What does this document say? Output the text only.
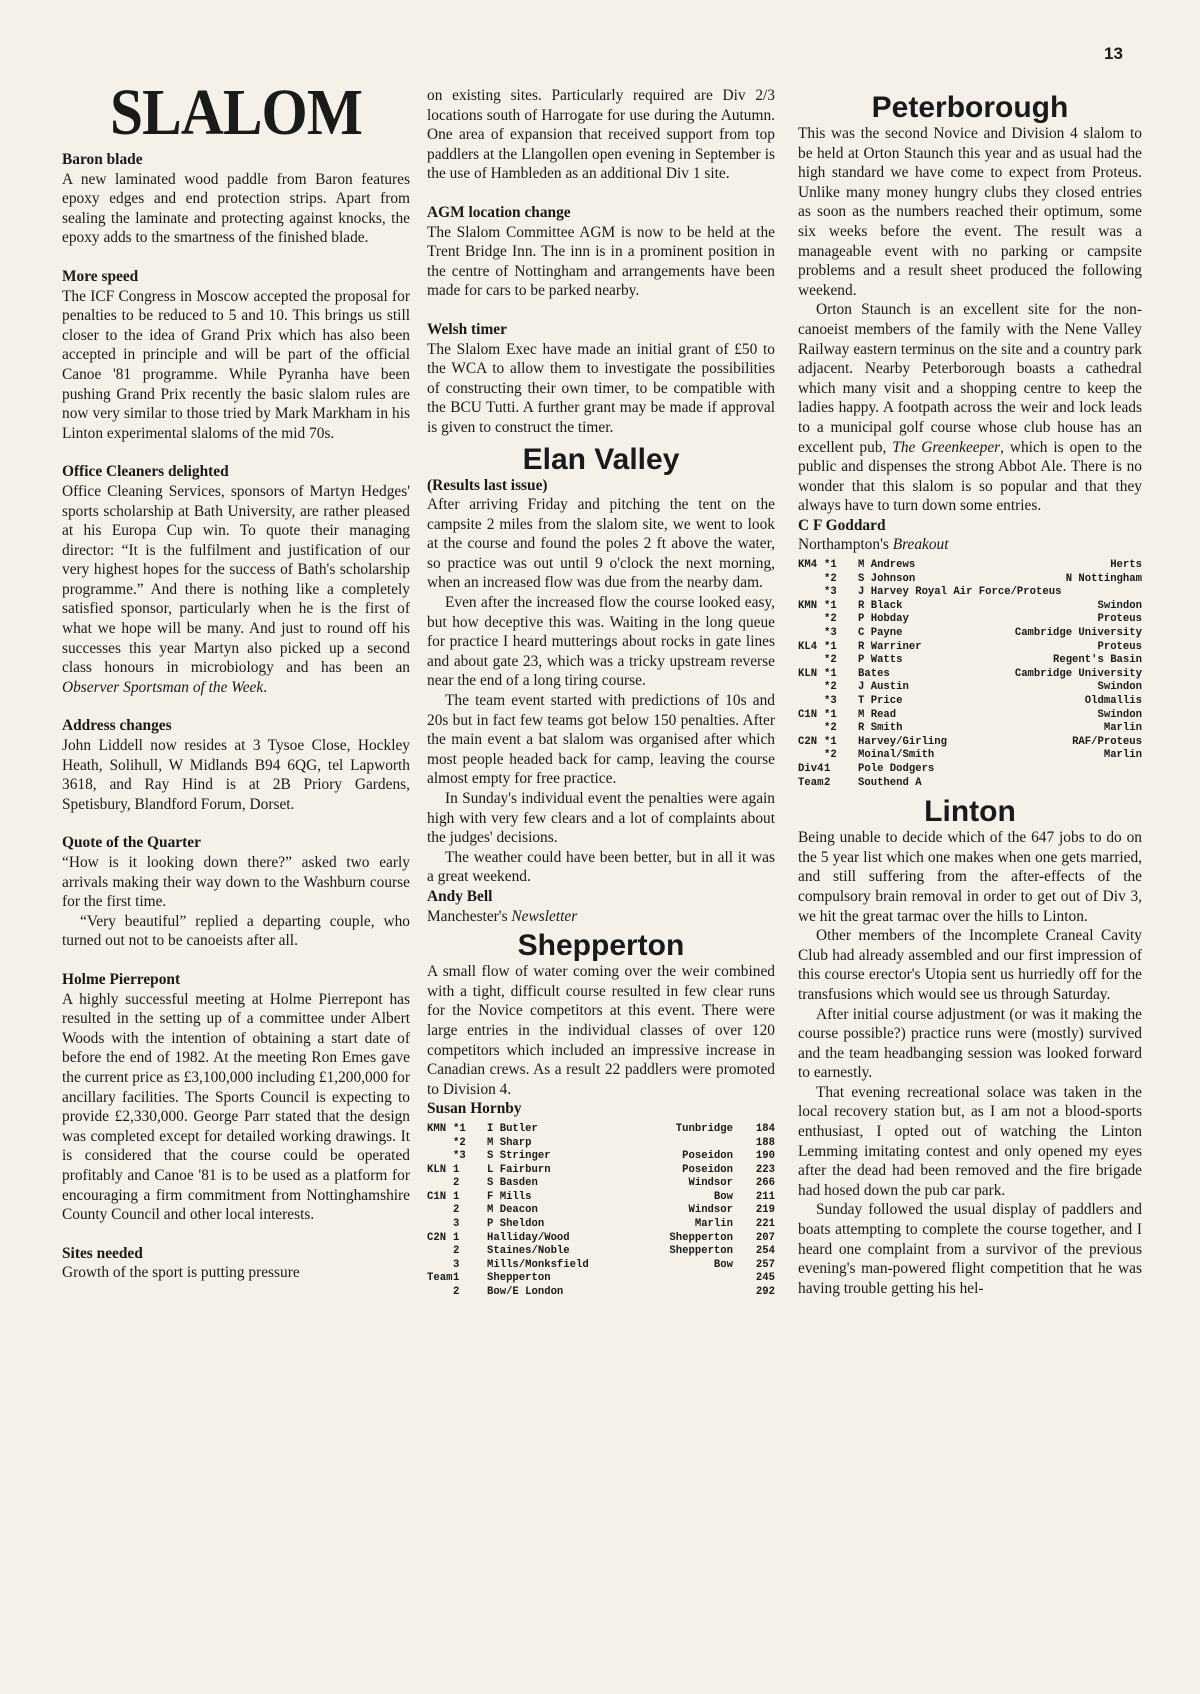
13
SLALOM

Baron blade

A new laminated wood paddle from Baron features epoxy edges and end protection strips. Apart from sealing the laminate and protecting against knocks, the epoxy adds to the smartness of the finished blade.

More speed

The ICF Congress in Moscow accepted the proposal for penalties to be reduced to 5 and 10. This brings us still closer to the idea of Grand Prix which has also been accepted in principle and will be part of the official Canoe '81 programme. While Pyranha have been pushing Grand Prix recently the basic slalom rules are now very similar to those tried by Mark Markham in his Linton experimental slaloms of the mid 70s.

Office Cleaners delighted

Office Cleaning Services, sponsors of Martyn Hedges' sports scholarship at Bath University, are rather pleased at his Europa Cup win. To quote their managing director: “It is the fulfilment and justification of our very highest hopes for the success of Bath's scholarship programme.” And there is nothing like a completely satisfied sponsor, particularly when he is the first of what we hope will be many. And just to round off his successes this year Martyn also picked up a second class honours in microbiology and has been an Observer Sportsman of the Week.

Address changes

John Liddell now resides at 3 Tysoe Close, Hockley Heath, Solihull, W Midlands B94 6QG, tel Lapworth 3618, and Ray Hind is at 2B Priory Gardens, Spetisbury, Blandford Forum, Dorset.

Quote of the Quarter

“How is it looking down there?” asked two early arrivals making their way down to the Washburn course for the first time.

“Very beautiful” replied a departing couple, who turned out not to be canoeists after all.

Holme Pierrepont

A highly successful meeting at Holme Pierrepont has resulted in the setting up of a committee under Albert Woods with the intention of obtaining a start date of before the end of 1982. At the meeting Ron Emes gave the current price as £3,100,000 including £1,200,000 for ancillary facilities. The Sports Council is expecting to provide £2,330,000. George Parr stated that the design was completed except for detailed working drawings. It is considered that the course could be operated profitably and Canoe '81 is to be used as a platform for encouraging a firm commitment from Nottinghamshire County Council and other local interests.

Sites needed

Growth of the sport is putting pressure

on existing sites. Particularly required are Div 2/3 locations south of Harrogate for use during the Autumn. One area of expansion that received support from top paddlers at the Llangollen open evening in September is the use of Hambleden as an additional Div 1 site.

AGM location change

The Slalom Committee AGM is now to be held at the Trent Bridge Inn. The inn is in a prominent position in the centre of Nottingham and arrangements have been made for cars to be parked nearby.

Welsh timer

The Slalom Exec have made an initial grant of £50 to the WCA to allow them to investigate the possibilities of constructing their own timer, to be compatible with the BCU Tutti. A further grant may be made if approval is given to construct the timer.

Elan Valley

(Results last issue)

After arriving Friday and pitching the tent on the campsite 2 miles from the slalom site, we went to look at the course and found the poles 2 ft above the water, so practice was out until 9 o'clock the next morning, when an increased flow was due from the nearby dam.

Even after the increased flow the course looked easy, but how deceptive this was. Waiting in the long queue for practice I heard mutterings about rocks in gate lines and about gate 23, which was a tricky upstream reverse near the end of a long tiring course.

The team event started with predictions of 10s and 20s but in fact few teams got below 150 penalties. After the main event a bat slalom was organised after which most people headed back for camp, leaving the course almost empty for free practice.

In Sunday's individual event the penalties were again high with very few clears and a lot of complaints about the judges' decisions.

The weather could have been better, but in all it was a great weekend.

Andy Bell

Manchester's Newsletter

Shepperton

A small flow of water coming over the weir combined with a tight, difficult course resulted in few clear runs for the Novice competitors at this event. There were large entries in the individual classes of over 120 competitors which included an impressive increase in Canadian crews. As a result 22 paddlers were promoted to Division 4.

Susan Hornby

KMN *1	I Butler	Tunbridge	184
*2	M Sharp	188
*3	S Stringer	Poseidon	190
KLN 1	L Fairburn	Poseidon	223
2	S Basden	Windsor	266
C1N 1	F Mills	Bow	211
2	M Deacon	Windsor	219
3	P Sheldon	Marlin	221
C2N 1	Halliday/Wood	Shepperton	207
2	Staines/Noble	Shepperton	254
3	Mills/Monksfield	Bow	257
Team 1	Shepperton	245
2	Bow/E London	292
Peterborough

This was the second Novice and Division 4 slalom to be held at Orton Staunch this year and as usual had the high standard we have come to expect from Proteus. Unlike many money hungry clubs they closed entries as soon as the numbers reached their optimum, some six weeks before the event. The result was a manageable event with no parking or campsite problems and a result sheet produced the following weekend.

Orton Staunch is an excellent site for the non-canoeist members of the family with the Nene Valley Railway eastern terminus on the site and a country park adjacent. Nearby Peterborough boasts a cathedral which many visit and a shopping centre to keep the ladies happy. A footpath across the weir and lock leads to a municipal golf course whose club house has an excellent pub, The Greenkeeper, which is open to the public and dispenses the strong Abbot Ale. There is no wonder that this slalom is so popular and that they always have to turn down some entries.

C F Goddard

Northampton's Breakout

KM4 *1	M Andrews	Herts
*2	S Johnson	N Nottingham
*3	J Harvey Royal Air Force/Proteus
KMN *1	R Black	Swindon
*2	P Hobday	Proteus
*3	C Payne	Cambridge University
KL4 *1	R Warriner	Proteus
*2	P Watts	Regent's Basin
KLN *1	Bates	Cambridge University
*2	J Austin	Swindon
*3	T Price	Oldmallis
C1N *1	M Read	Swindon
*2	R Smith	Marlin
C2N *1	Harvey/Girling	RAF/Proteus
*2	Moinal/Smith	Marlin
Div4 1	Pole Dodgers
Team 2	Southend A
Linton

Being unable to decide which of the 647 jobs to do on the 5 year list which one makes when one gets married, and still suffering from the after-effects of the compulsory brain removal in order to get out of Div 3, we hit the great tarmac over the hills to Linton.

Other members of the Incomplete Craneal Cavity Club had already assembled and our first impression of this course erector's Utopia sent us hurriedly off for the transfusions which would see us through Saturday.

After initial course adjustment (or was it making the course possible?) practice runs were (mostly) survived and the team headbanging session was looked forward to earnestly.

That evening recreational solace was taken in the local recovery station but, as I am not a blood-sports enthusiast, I opted out of watching the Linton Lemming imitating contest and only opened my eyes after the dead had been removed and the fire brigade had hosed down the pub car park.

Sunday followed the usual display of paddlers and boats attempting to complete the course together, and I heard one complaint from a survivor of the previous evening's man-powered flight competition that he was having trouble getting his hel-
